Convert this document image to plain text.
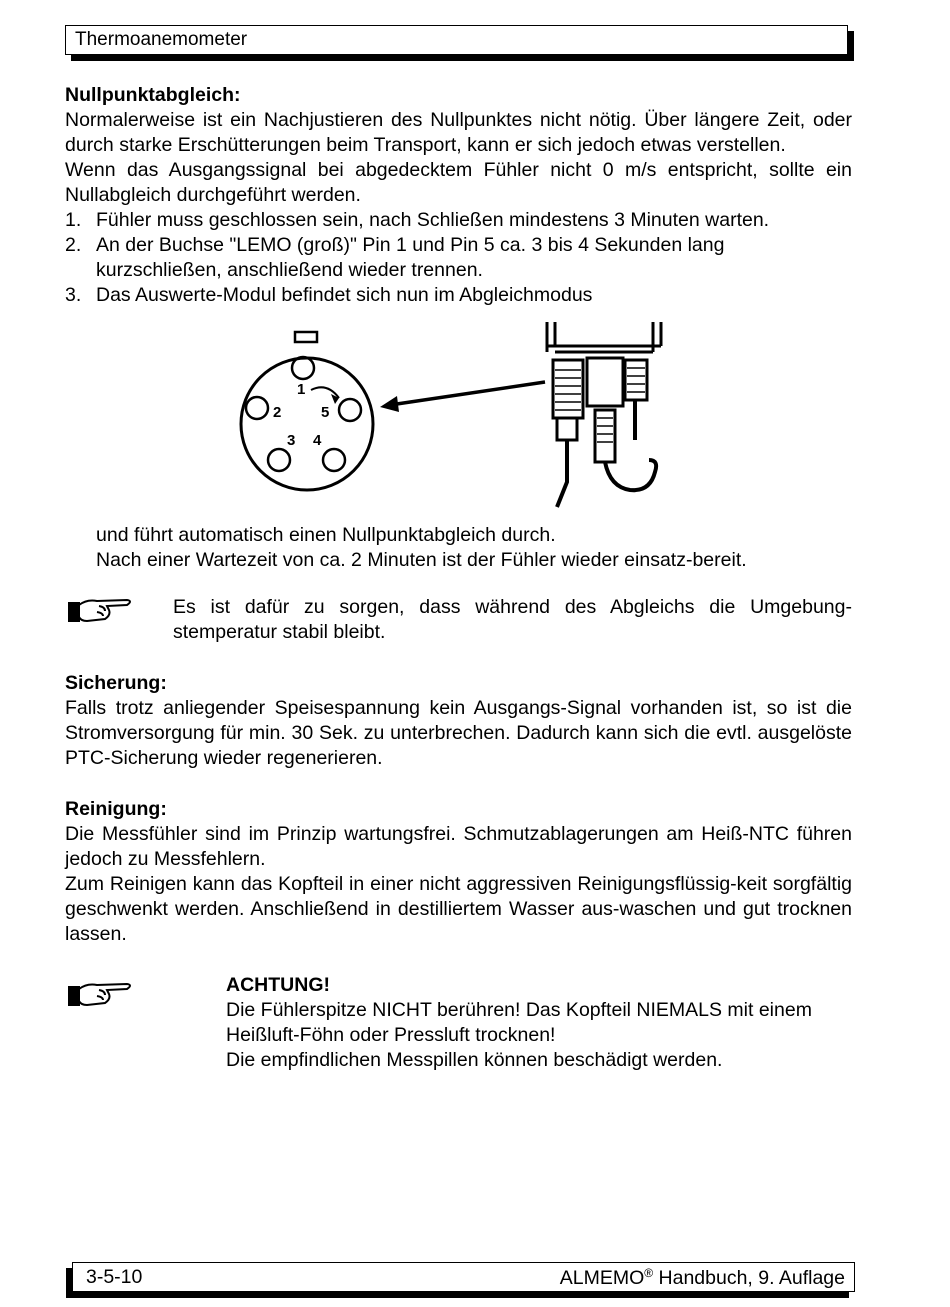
Thermoanemometer

Nullpunktabgleich:

Normalerweise ist ein Nachjustieren des Nullpunktes nicht nötig. Über längere Zeit, oder durch starke Erschütterungen beim Transport, kann er sich jedoch etwas verstellen.

Wenn das Ausgangssignal bei abgedecktem Fühler nicht 0 m/s entspricht, sollte ein Nullabgleich durchgeführt werden.

1. Fühler muss geschlossen sein, nach Schließen mindestens 3 Minuten warten.
2. An der Buchse "LEMO (groß)" Pin 1 und Pin 5 ca. 3 bis 4 Sekunden lang kurzschließen, anschließend wieder trennen.
3. Das Auswerte-Modul befindet sich nun im Abgleichmodus
1
2
3 4
5

und führt automatisch einen Nullpunktabgleich durch.

Nach einer Wartezeit von ca. 2 Minuten ist der Fühler wieder einsatz-bereit.

Es ist dafür zu sorgen, dass während des Abgleichs die Umgebung-stemperatur stabil bleibt.

Sicherung:

Falls trotz anliegender Speisespannung kein Ausgangs-Signal vorhanden ist, so ist die Stromversorgung für min. 30 Sek. zu unterbrechen. Dadurch kann sich die evtl. ausgelöste PTC-Sicherung wieder regenerieren.

Reinigung:

Die Messfühler sind im Prinzip wartungsfrei. Schmutzablagerungen am Heiß-NTC führen jedoch zu Messfehlern.

Zum Reinigen kann das Kopfteil in einer nicht aggressiven Reinigungsflüssig-keit sorgfältig geschwenkt werden. Anschließend in destilliertem Wasser aus-waschen und gut trocknen lassen.

ACHTUNG!

Die Fühlerspitze NICHT berühren! Das Kopfteil NIEMALS mit einem Heißluft-Föhn oder Pressluft trocknen!

Die empfindlichen Messpillen können beschädigt werden.

3-5-10	ALMEMO® Handbuch, 9. Auflage
